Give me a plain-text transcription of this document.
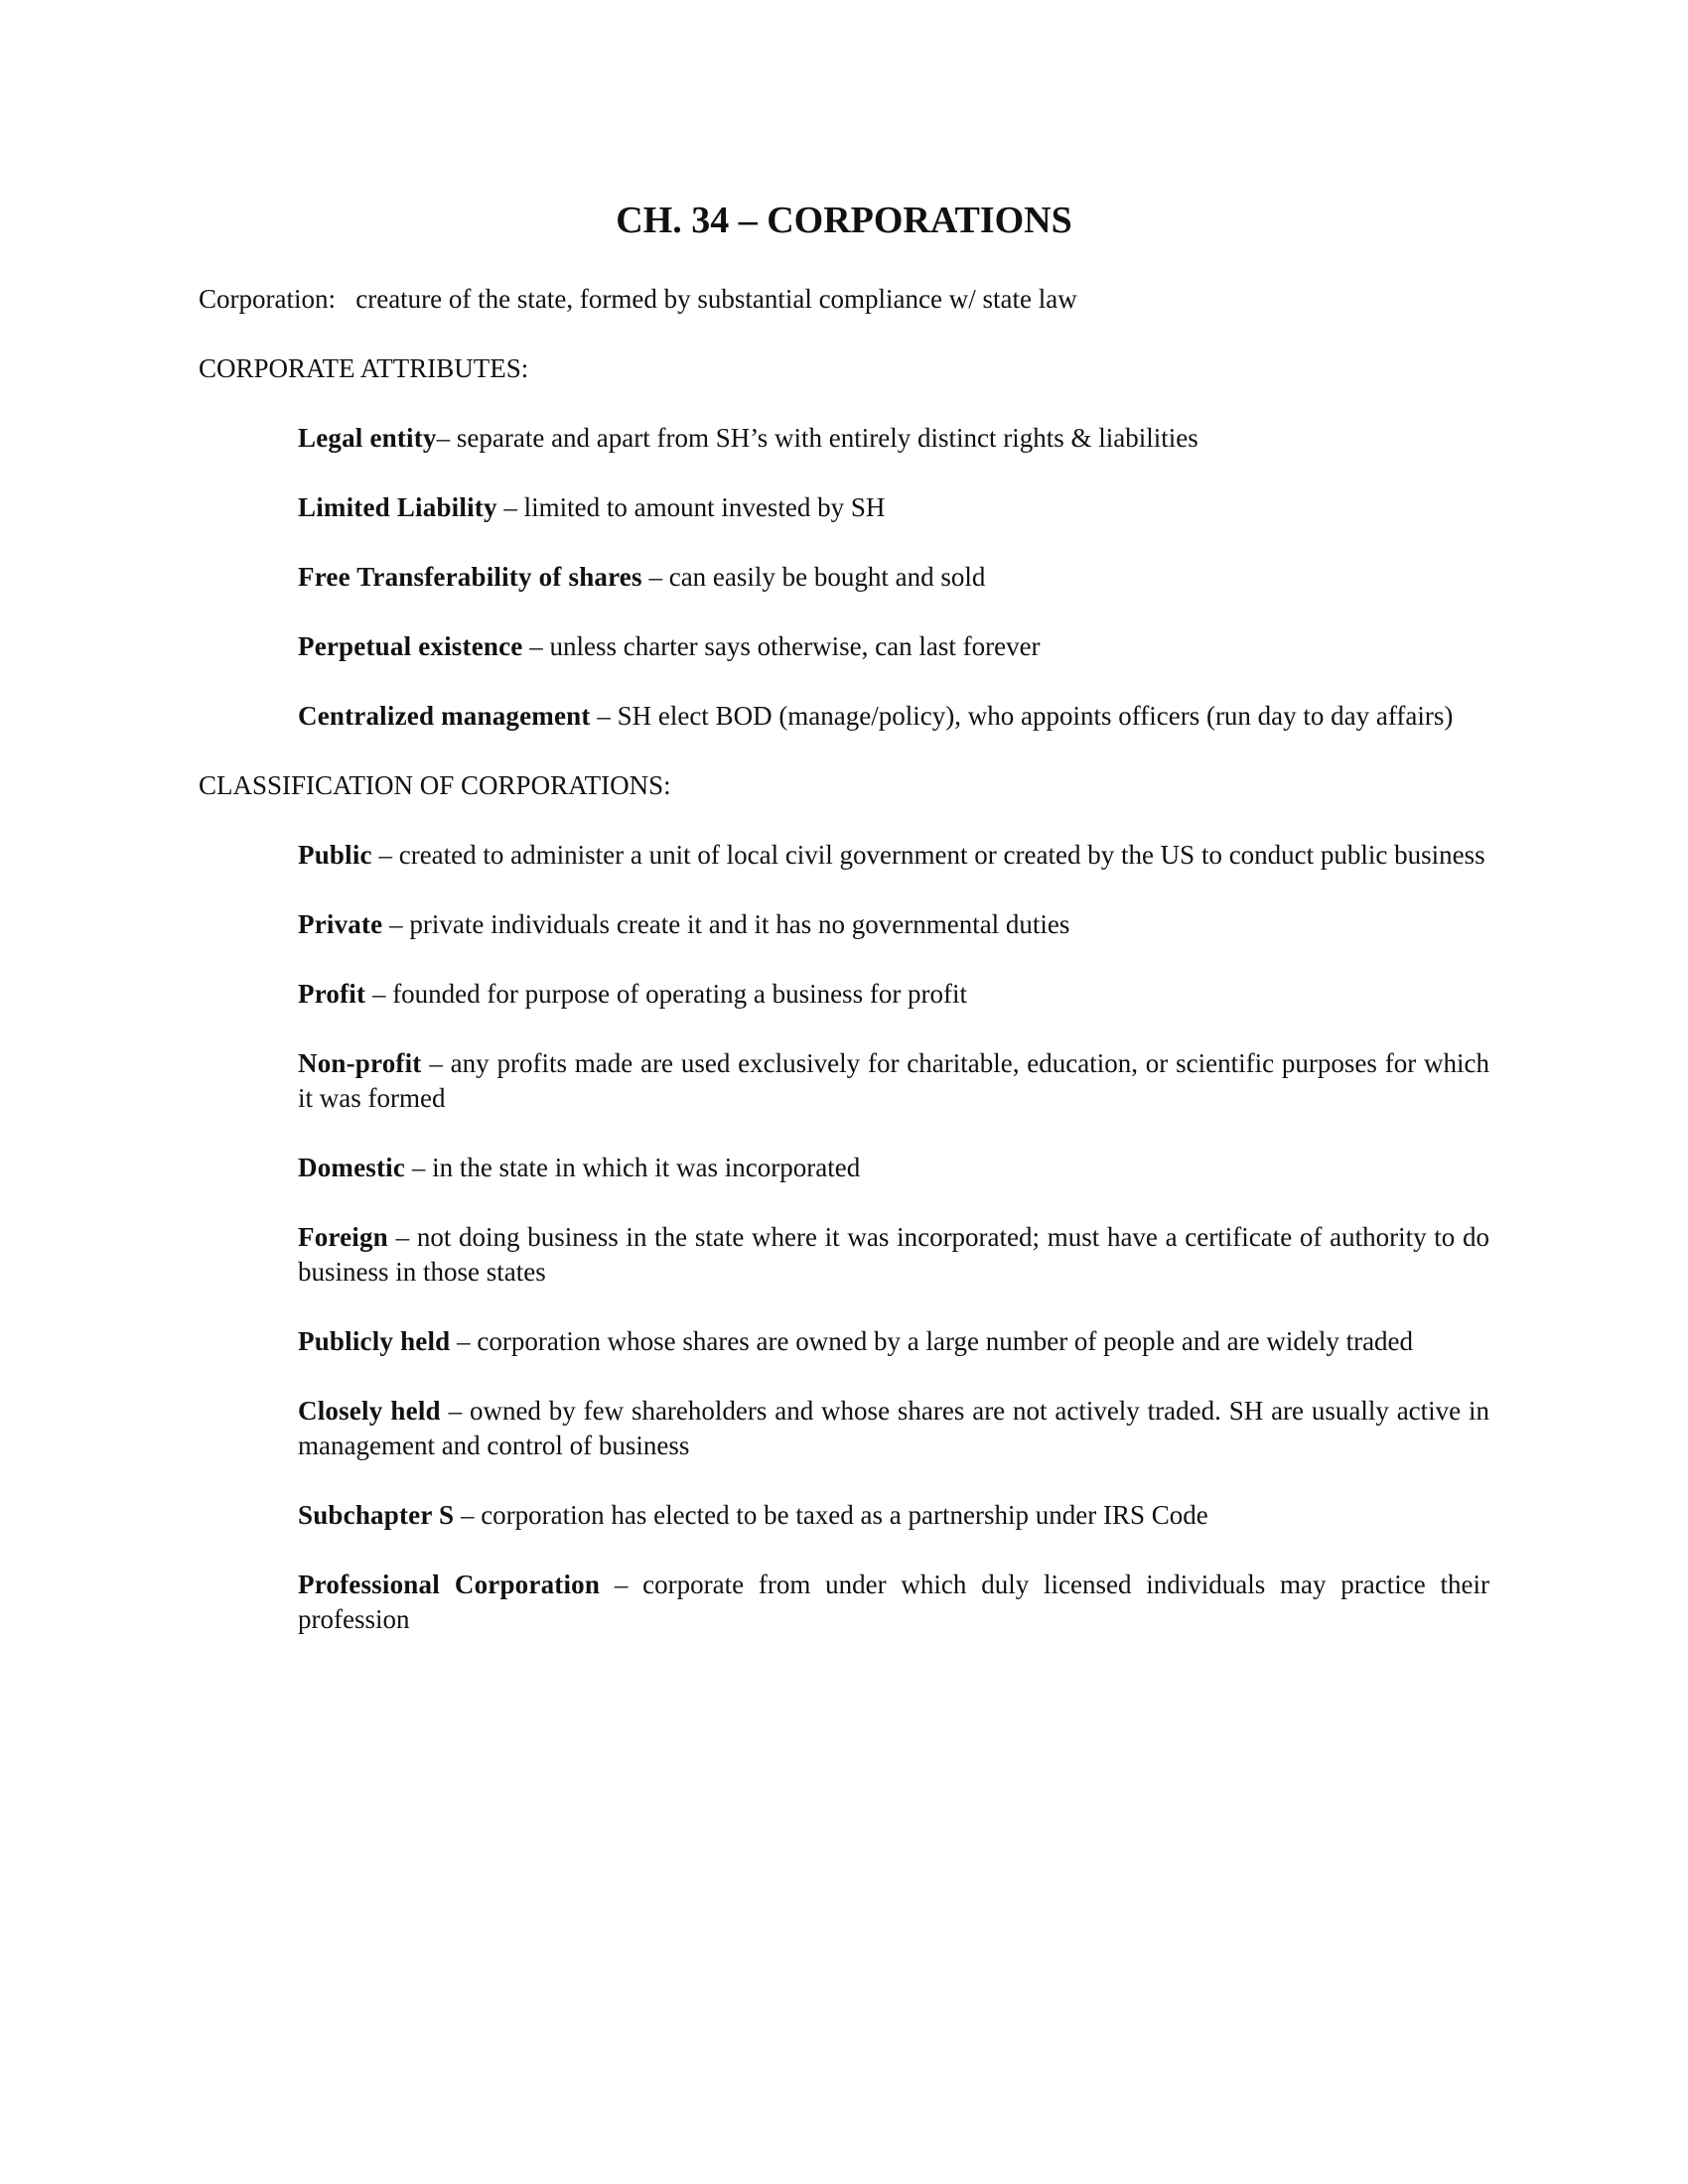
CH. 34 – CORPORATIONS

Corporation: creature of the state, formed by substantial compliance w/ state law

CORPORATE ATTRIBUTES:

Legal entity– separate and apart from SH’s with entirely distinct rights & liabilities

Limited Liability – limited to amount invested by SH

Free Transferability of shares – can easily be bought and sold

Perpetual existence – unless charter says otherwise, can last forever

Centralized management – SH elect BOD (manage/policy), who appoints officers (run day to day affairs)

CLASSIFICATION OF CORPORATIONS:

Public – created to administer a unit of local civil government or created by the US to conduct public business

Private – private individuals create it and it has no governmental duties

Profit – founded for purpose of operating a business for profit

Non-profit – any profits made are used exclusively for charitable, education, or scientific purposes for which it was formed

Domestic – in the state in which it was incorporated

Foreign – not doing business in the state where it was incorporated; must have a certificate of authority to do business in those states

Publicly held – corporation whose shares are owned by a large number of people and are widely traded

Closely held – owned by few shareholders and whose shares are not actively traded. SH are usually active in management and control of business

Subchapter S – corporation has elected to be taxed as a partnership under IRS Code

Professional Corporation – corporate from under which duly licensed individuals may practice their profession
